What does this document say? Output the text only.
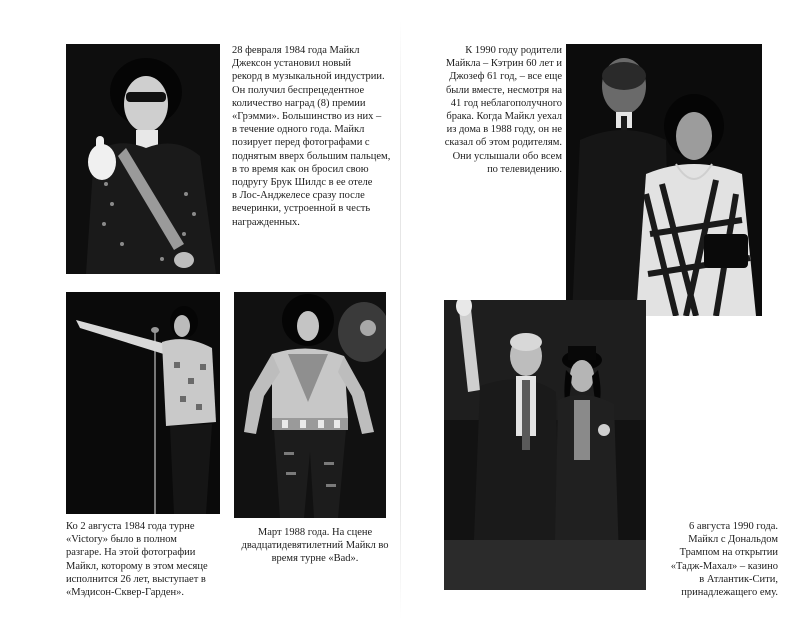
28 февраля 1984 года Майкл
Джексон установил новый
рекорд в музыкальной индустрии.
Он получил беспрецедентное
количество наград (8) премии
«Грэмми». Большинство из них –
в течение одного года. Майкл
позирует перед фотографами с
поднятым вверх большим пальцем,
в то время как он бросил свою
подругу Брук Шилдс в ее отеле
в Лос-Анджелесе сразу после
вечеринки, устроенной в честь
награжденных.
Ко 2 августа 1984 года турне
«Victory» было в полном
разгаре. На этой фотографии
Майкл, которому в этом месяце
исполнится 26 лет, выступает в
«Мэдисон-Сквер-Гарден».
Март 1988 года. На сцене
двадцатидевятилетний Майкл во
время турне «Bad».
К 1990 году родители
Майкла – Кэтрин 60 лет и
Джозеф 61 год, – все еще
были вместе, несмотря на
41 год неблагополучного
брака. Когда Майкл уехал
из дома в 1988 году, он не
сказал об этом родителям.
Они услышали обо всем
по телевидению.
6 августа 1990 года.
Майкл с Дональдом
Трампом на открытии
«Тадж-Махал» – казино
в Атлантик-Сити,
принадлежащего ему.
